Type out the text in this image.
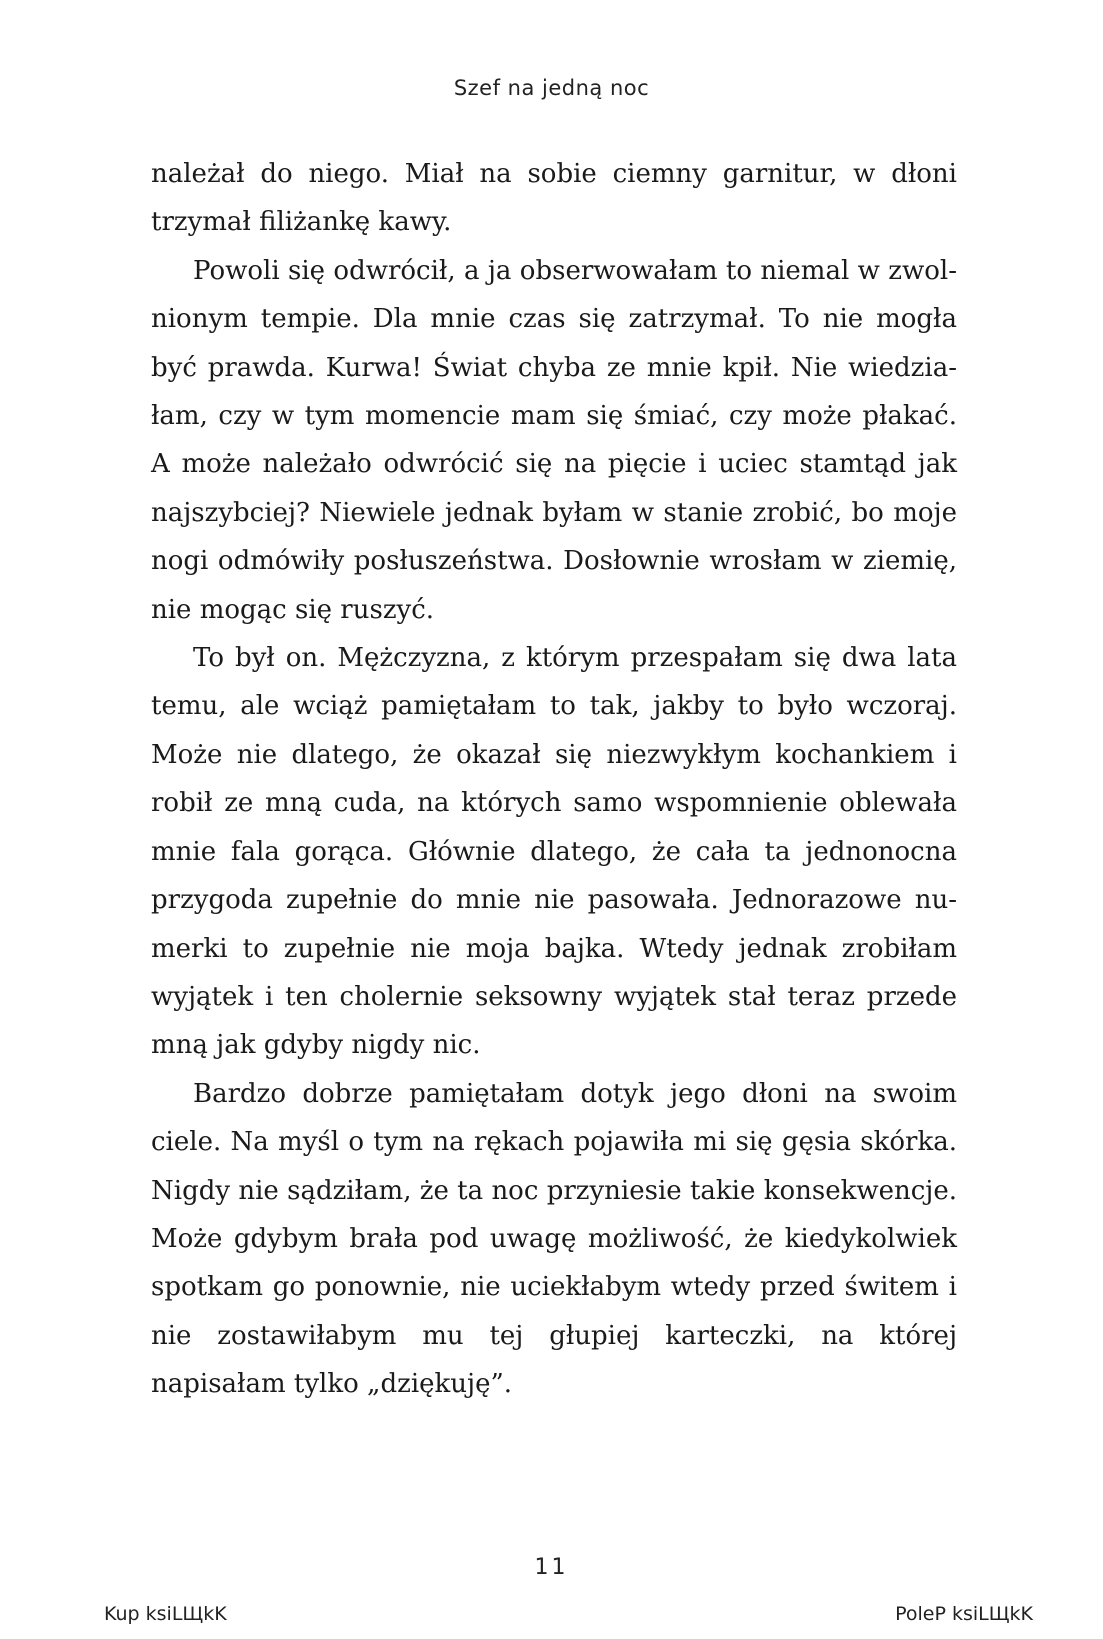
Szef na jedną noc

należał do niego. Miał na sobie ciemny garnitur, w dłoni trzymał filiżankę kawy.

Powoli się odwrócił, a ja obserwowałam to niemal w zwolnionym tempie. Dla mnie czas się zatrzymał. To nie mogła być prawda. Kurwa! Świat chyba ze mnie kpił. Nie wiedziałam, czy w tym momencie mam się śmiać, czy może płakać. A może należało odwrócić się na pięcie i uciec stamtąd jak najszybciej? Niewiele jednak byłam w stanie zrobić, bo moje nogi odmówiły posłuszeństwa. Dosłownie wrosłam w ziemię, nie mogąc się ruszyć.

To był on. Mężczyzna, z którym przespałam się dwa lata temu, ale wciąż pamiętałam to tak, jakby to było wczoraj. Może nie dlatego, że okazał się niezwykłym kochankiem i robił ze mną cuda, na których samo wspomnienie oblewała mnie fala gorąca. Głównie dlatego, że cała ta jednonocna przygoda zupełnie do mnie nie pasowała. Jednorazowe numerki to zupełnie nie moja bajka. Wtedy jednak zrobiłam wyjątek i ten cholernie seksowny wyjątek stał teraz przede mną jak gdyby nigdy nic.

Bardzo dobrze pamiętałam dotyk jego dłoni na swoim ciele. Na myśl o tym na rękach pojawiła mi się gęsia skórka. Nigdy nie sądziłam, że ta noc przyniesie takie konsekwencje. Może gdybym brała pod uwagę możliwość, że kiedykolwiek spotkam go ponownie, nie uciekłabym wtedy przed świtem i nie zostawiłabym mu tej głupiej karteczki, na której napisałam tylko „dziękuję”.

11
Kup ksiLЩkK	PoleP ksiLЩkK
